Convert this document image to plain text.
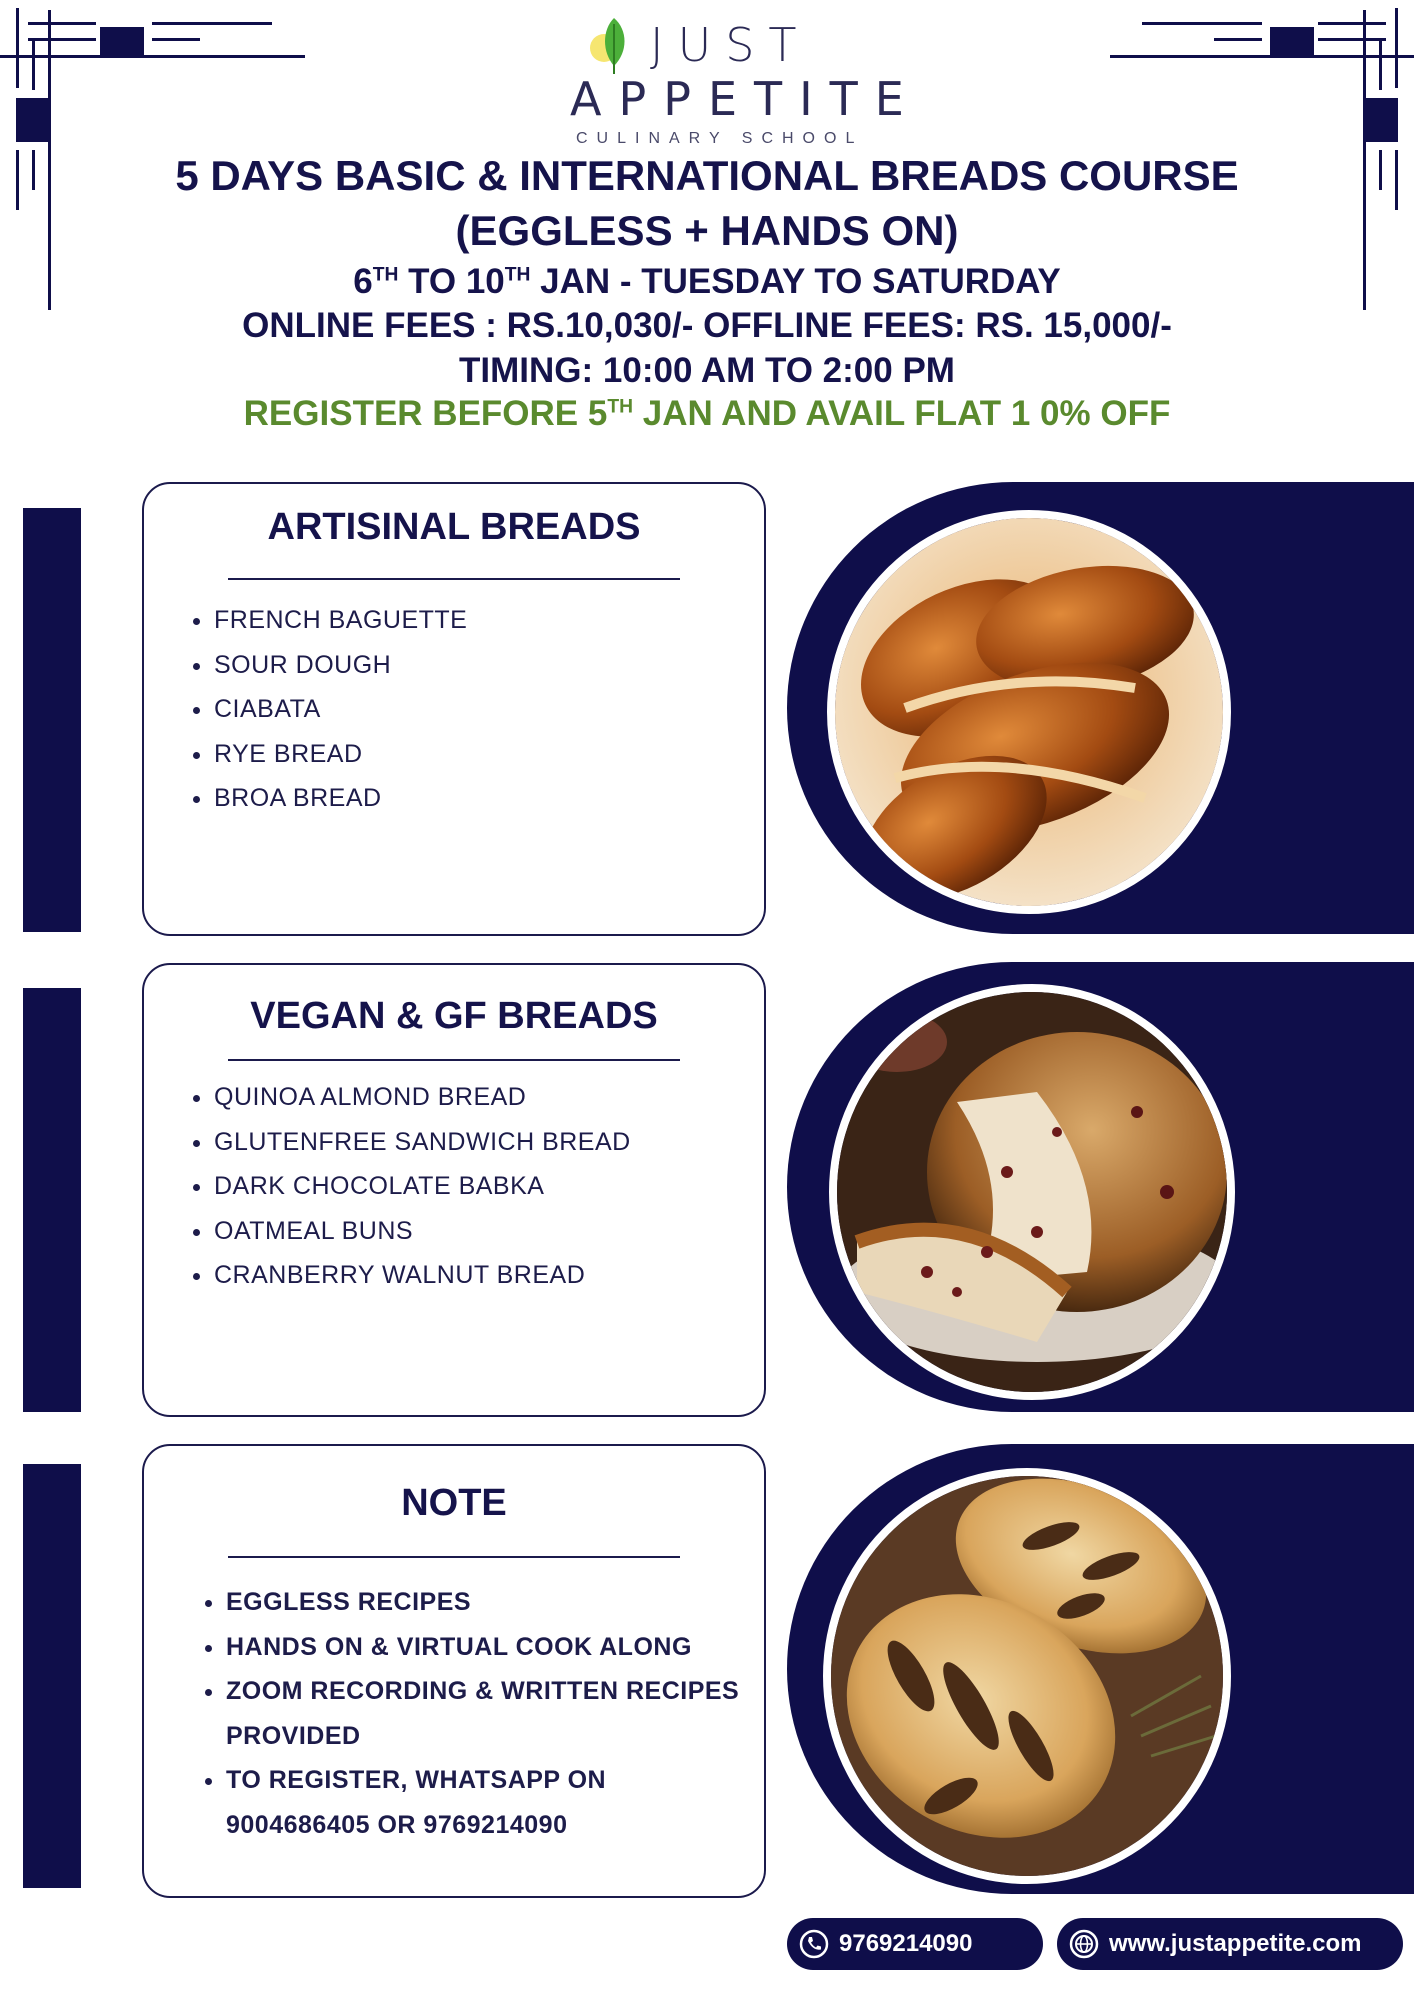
JUST
APPETITE
CULINARY SCHOOL
5 DAYS BASIC & INTERNATIONAL BREADS COURSE
(EGGLESS + HANDS ON)
6TH TO 10TH JAN - TUESDAY TO SATURDAY
ONLINE FEES : RS.10,030/- OFFLINE FEES: RS. 15,000/-
TIMING: 10:00 AM TO 2:00 PM
REGISTER BEFORE 5TH JAN AND AVAIL FLAT 1 0% OFF
ARTISINAL BREADS
• FRENCH BAGUETTE
• SOUR DOUGH
• CIABATA
• RYE BREAD
• BROA BREAD
VEGAN & GF BREADS
• QUINOA ALMOND BREAD
• GLUTENFREE SANDWICH BREAD
• DARK CHOCOLATE BABKA
• OATMEAL BUNS
• CRANBERRY WALNUT BREAD
NOTE
• EGGLESS RECIPES
• HANDS ON & VIRTUAL COOK ALONG
• ZOOM RECORDING & WRITTEN RECIPES PROVIDED
• TO REGISTER, WHATSAPP ON 9004686405 OR 9769214090
9769214090	www.justappetite.com
